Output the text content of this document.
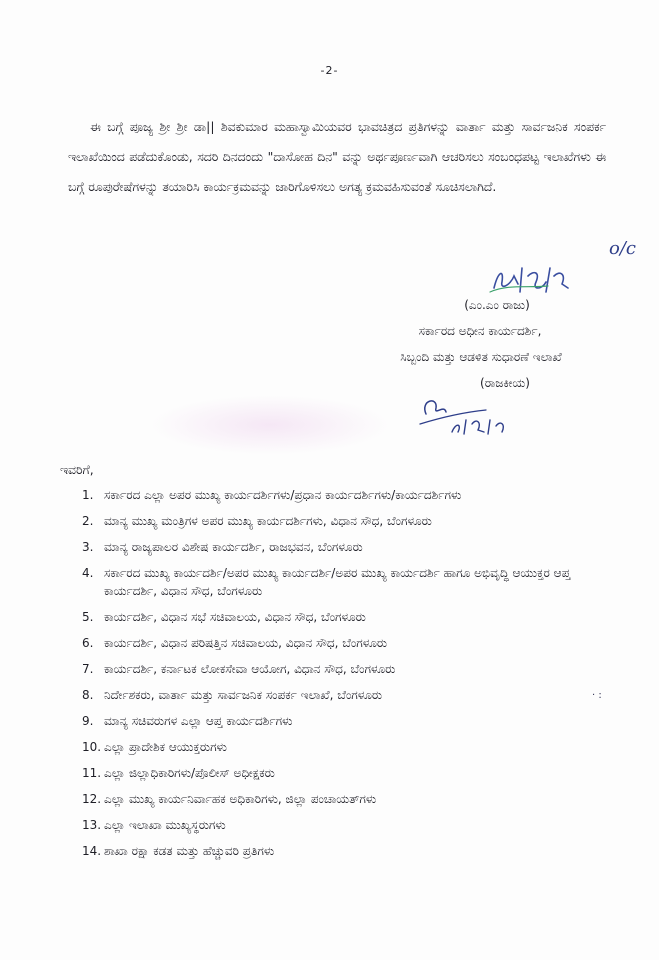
-2-

ಈ ಬಗ್ಗೆ ಪೂಜ್ಯ ಶ್ರೀ ಶ್ರೀ ಡಾ|| ಶಿವಕುಮಾರ ಮಹಾಸ್ವಾಮಿಯವರ ಭಾವಚಿತ್ರದ ಪ್ರತಿಗಳನ್ನು ವಾರ್ತಾ ಮತ್ತು ಸಾರ್ವಜನಿಕ ಸಂಪರ್ಕ ಇಲಾಖೆಯಿಂದ ಪಡೆದುಕೊಂಡು, ಸದರಿ ದಿನದಂದು "ದಾಸೋಹ ದಿನ" ವನ್ನು ಅರ್ಥಪೂರ್ಣವಾಗಿ ಆಚರಿಸಲು ಸಂಬಂಧಪಟ್ಟ ಇಲಾಖೆಗಳು ಈ ಬಗ್ಗೆ ರೂಪುರೇಷೆಗಳನ್ನು ತಯಾರಿಸಿ ಕಾರ್ಯಕ್ರಮವನ್ನು ಜಾರಿಗೊಳಿಸಲು ಅಗತ್ಯ ಕ್ರಮವಹಿಸುವಂತೆ ಸೂಚಿಸಲಾಗಿದೆ.

o/c
(ಎಂ.ಎಂ ರಾಜು)
ಸರ್ಕಾರದ ಅಧೀನ ಕಾರ್ಯದರ್ಶಿ,
ಸಿಬ್ಬಂದಿ ಮತ್ತು ಆಡಳಿತ ಸುಧಾರಣೆ ಇಲಾಖೆ
(ರಾಜಕೀಯ)
ಇವರಿಗೆ,
1. ಸರ್ಕಾರದ ಎಲ್ಲಾ ಅಪರ ಮುಖ್ಯ ಕಾರ್ಯದರ್ಶಿಗಳು/ಪ್ರಧಾನ ಕಾರ್ಯದರ್ಶಿಗಳು/ಕಾರ್ಯದರ್ಶಿಗಳು
2. ಮಾನ್ಯ ಮುಖ್ಯ ಮಂತ್ರಿಗಳ ಅಪರ ಮುಖ್ಯ ಕಾರ್ಯದರ್ಶಿಗಳು, ವಿಧಾನ ಸೌಧ, ಬೆಂಗಳೂರು
3. ಮಾನ್ಯ ರಾಜ್ಯಪಾಲರ ವಿಶೇಷ ಕಾರ್ಯದರ್ಶಿ, ರಾಜಭವನ, ಬೆಂಗಳೂರು
4. ಸರ್ಕಾರದ ಮುಖ್ಯ ಕಾರ್ಯದರ್ಶಿ/ಅಪರ ಮುಖ್ಯ ಕಾರ್ಯದರ್ಶಿ/ಅಪರ ಮುಖ್ಯ ಕಾರ್ಯದರ್ಶಿ ಹಾಗೂ ಅಭಿವೃದ್ಧಿ ಆಯುಕ್ತರ ಆಪ್ತ ಕಾರ್ಯದರ್ಶಿ, ವಿಧಾನ ಸೌಧ, ಬೆಂಗಳೂರು
5. ಕಾರ್ಯದರ್ಶಿ, ವಿಧಾನ ಸಭೆ ಸಚಿವಾಲಯ, ವಿಧಾನ ಸೌಧ, ಬೆಂಗಳೂರು
6. ಕಾರ್ಯದರ್ಶಿ, ವಿಧಾನ ಪರಿಷತ್ತಿನ ಸಚಿವಾಲಯ, ವಿಧಾನ ಸೌಧ, ಬೆಂಗಳೂರು
7. ಕಾರ್ಯದರ್ಶಿ, ಕರ್ನಾಟಕ ಲೋಕಸೇವಾ ಆಯೋಗ, ವಿಧಾನ ಸೌಧ, ಬೆಂಗಳೂರು
8. ನಿರ್ದೇಶಕರು, ವಾರ್ತಾ ಮತ್ತು ಸಾರ್ವಜನಿಕ ಸಂಪರ್ಕ ಇಲಾಖೆ, ಬೆಂಗಳೂರು
9. ಮಾನ್ಯ ಸಚಿವರುಗಳ ಎಲ್ಲಾ ಆಪ್ತ ಕಾರ್ಯದರ್ಶಿಗಳು
10. ಎಲ್ಲಾ ಪ್ರಾದೇಶಿಕ ಆಯುಕ್ತರುಗಳು
11. ಎಲ್ಲಾ ಜಿಲ್ಲಾಧಿಕಾರಿಗಳು/ಪೊಲೀಸ್ ಅಧೀಕ್ಷಕರು
12. ಎಲ್ಲಾ ಮುಖ್ಯ ಕಾರ್ಯನಿರ್ವಾಹಕ ಅಧಿಕಾರಿಗಳು, ಜಿಲ್ಲಾ ಪಂಚಾಯತ್‌ಗಳು
13. ಎಲ್ಲಾ ಇಲಾಖಾ ಮುಖ್ಯಸ್ಥರುಗಳು
14. ಶಾಖಾ ರಕ್ಷಾ ಕಡತ ಮತ್ತು ಹೆಚ್ಚುವರಿ ಪ್ರತಿಗಳು
· :
